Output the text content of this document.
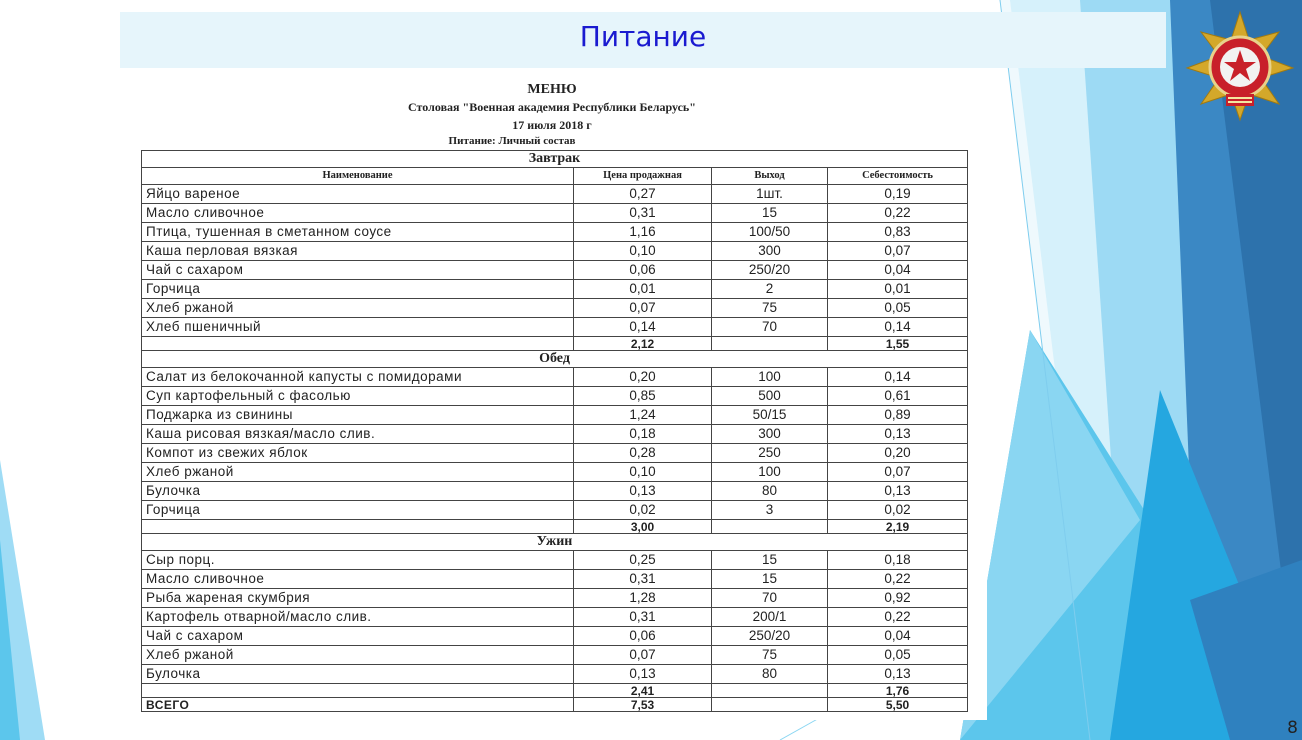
Питание
МЕНЮ
Столовая "Военная академия Республики Беларусь"
17 июля 2018 г
Питание: Личный состав
Завтрак			
Наименование	Цена продажная	Выход	Себестоимость
Яйцо вареное	0,27	1шт.	0,19
Масло сливочное	0,31	15	0,22
Птица, тушенная в сметанном соусе	1,16	100/50	0,83
Каша перловая вязкая	0,10	300	0,07
Чай с сахаром	0,06	250/20	0,04
Горчица	0,01	2	0,01
Хлеб ржаной	0,07	75	0,05
Хлеб пшеничный	0,14	70	0,14
	2,12		1,55
Обед			
Салат из белокочанной капусты с помидорами	0,20	100	0,14
Суп картофельный с фасолью	0,85	500	0,61
Поджарка из свинины	1,24	50/15	0,89
Каша рисовая вязкая/масло слив.	0,18	300	0,13
Компот из свежих яблок	0,28	250	0,20
Хлеб ржаной	0,10	100	0,07
Булочка	0,13	80	0,13
Горчица	0,02	3	0,02
	3,00		2,19
Ужин			
Сыр порц.	0,25	15	0,18
Масло сливочное	0,31	15	0,22
Рыба жареная скумбрия	1,28	70	0,92
Картофель отварной/масло слив.	0,31	200/1	0,22
Чай с сахаром	0,06	250/20	0,04
Хлеб ржаной	0,07	75	0,05
Булочка	0,13	80	0,13
	2,41		1,76
ВСЕГО	7,53		5,50
8
